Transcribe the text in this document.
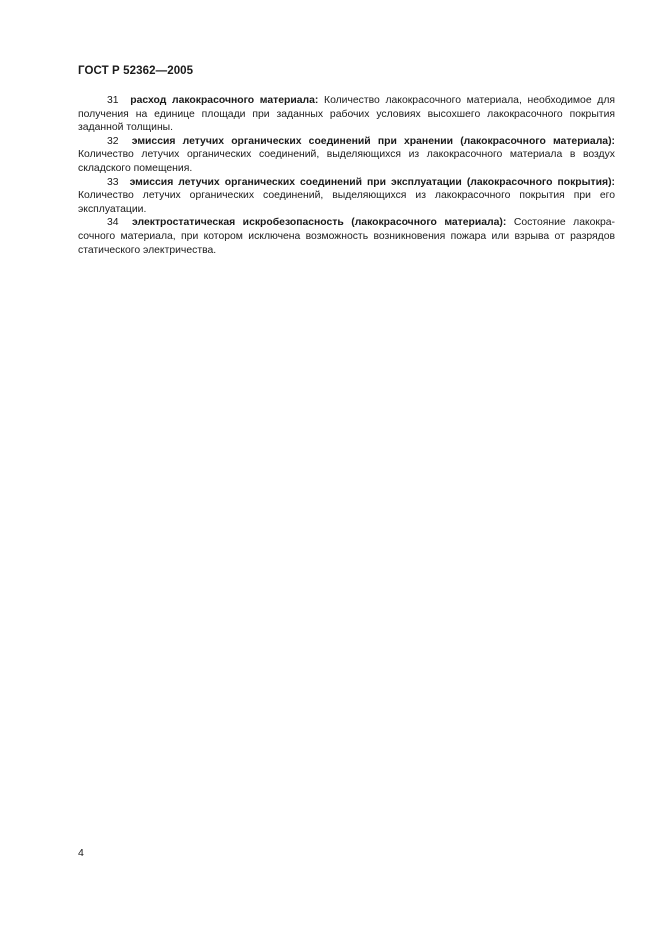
ГОСТ Р 52362—2005

31 расход лакокрасочного материала: Количество лакокрасочного материала, необходимое для получения на единице площади при заданных рабочих условиях высохшего лакокрасочного покрытия заданной толщины.

32 эмиссия летучих органических соединений при хранении (лакокрасочного материала): Количество летучих органических соединений, выделяющихся из лакокрасочного материала в воздух складского помещения.

33 эмиссия летучих органических соединений при эксплуатации (лакокрасочного покрытия): Количество летучих органических соединений, выделяющихся из лакокрасочного покрытия при его эксплуатации.

34 электростатическая искробезопасность (лакокрасочного материала): Состояние лакокрасочного материала, при котором исключена возможность возникновения пожара или взрыва от разрядов статического электричества.

4
